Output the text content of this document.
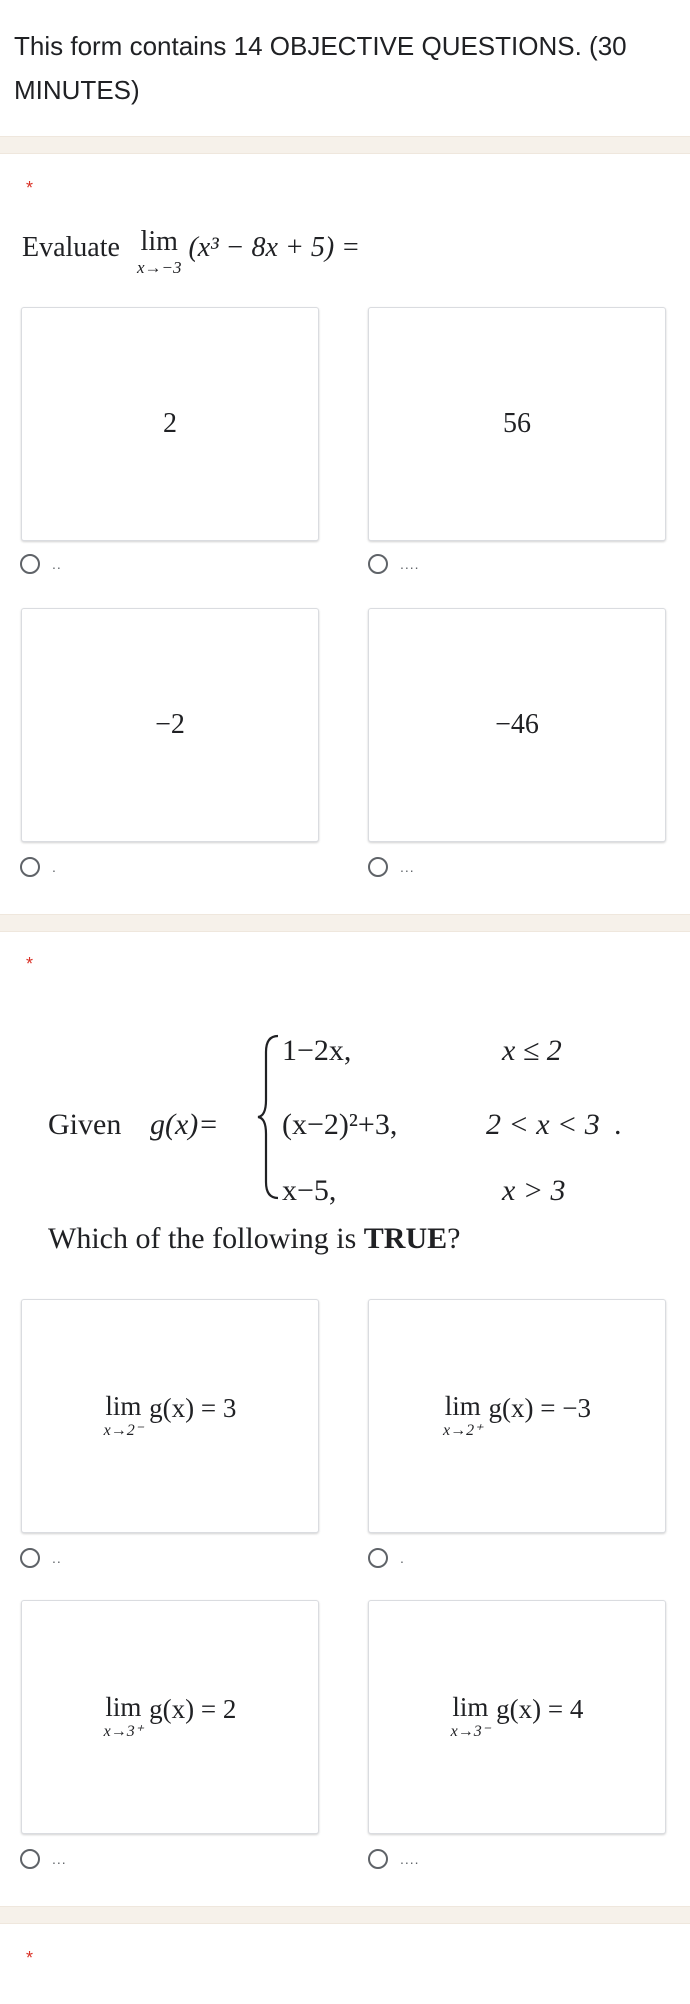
This form contains 14 OBJECTIVE QUESTIONS. (30 MINUTES)
*
Evaluate lim
x→−3
(x³ − 8x + 5) =
2
..
56
....
−2
.
−46
...
*
Given g(x)=
1−2x,	x ≤ 2
(x−2)²+3,	2 < x < 3 .
x−5,	x > 3
Which of the following is TRUE?
lim
x→2⁻
g(x) = 3
..
lim
x→2⁺
g(x) = −3
.
lim
x→3⁺
g(x) = 2
...
lim
x→3⁻
g(x) = 4
....
*
